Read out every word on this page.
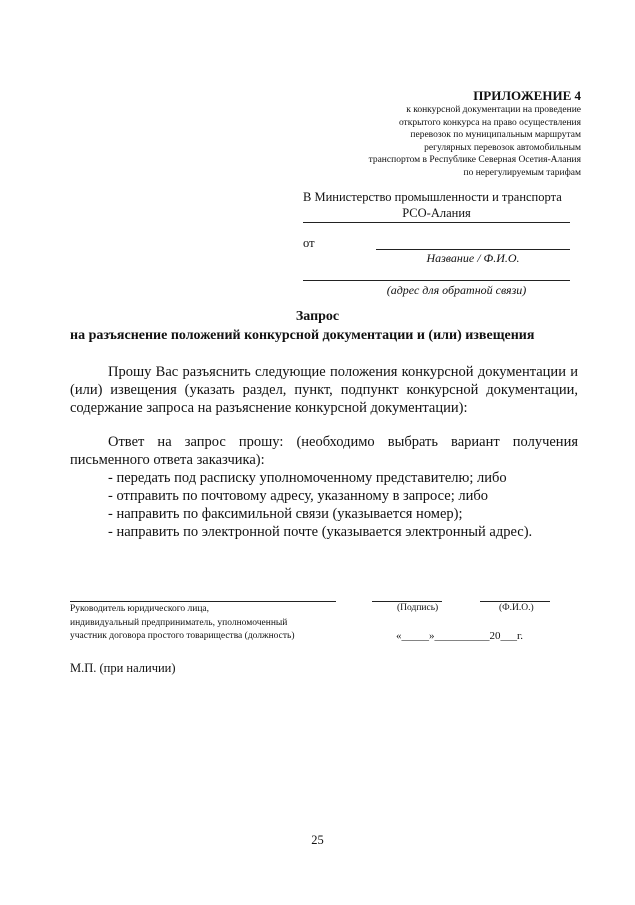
ПРИЛОЖЕНИЕ 4
к конкурсной документации на проведение
открытого конкурса на право осуществления
перевозок по муниципальным маршрутам
регулярных перевозок автомобильным
транспортом в Республике Северная Осетия-Алания
по нерегулируемым тарифам
В Министерство промышленности и транспорта
РСО-Алания
от
Название / Ф.И.О.
(адрес для обратной связи)
Запрос
на разъяснение положений конкурсной документации и (или) извещения

Прошу Вас разъяснить следующие положения конкурсной документации и (или) извещения (указать раздел, пункт, подпункт конкурсной документации, содержание запроса на разъяснение конкурсной документации):

Ответ на запрос прошу: (необходимо выбрать вариант получения письменного ответа заказчика):

- передать под расписку уполномоченному представителю; либо

- отправить по почтовому адресу, указанному в запросе; либо

- направить по факсимильной связи (указывается номер);

- направить по электронной почте (указывается электронный адрес).

Руководитель юридического лица,
индивидуальный предприниматель, уполномоченный
участник договора простого товарищества (должность)
(Подпись)	(Ф.И.О.)
«_____»__________20___г.
М.П. (при наличии)
25
